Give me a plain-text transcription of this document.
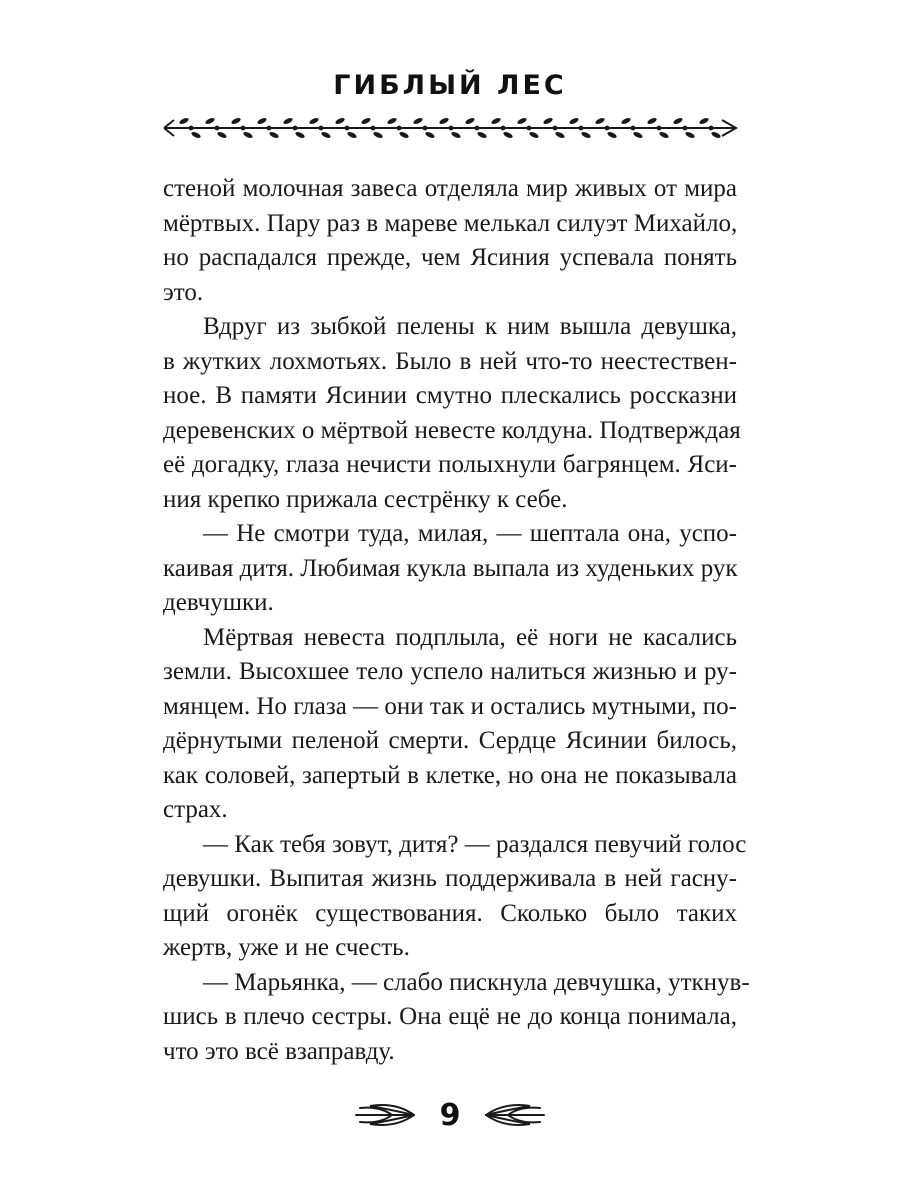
ГИБЛЫЙ ЛЕС

стеной молочная завеса отделяла мир живых от мира
мёртвых. Пару раз в мареве мелькал силуэт Михайло,
но распадался прежде, чем Ясиния успевала понять
это.

Вдруг из зыбкой пелены к ним вышла девушка,
в жутких лохмотьях. Было в ней что-то неестествен-
ное. В памяти Ясинии смутно плескались россказни
деревенских о мёртвой невесте колдуна. Подтверждая
её догадку, глаза нечисти полыхнули багрянцем. Яси-
ния крепко прижала сестрёнку к себе.

— Не смотри туда, милая, — шептала она, успо-
каивая дитя. Любимая кукла выпала из худеньких рук
девчушки.

Мёртвая невеста подплыла, её ноги не касались
земли. Высохшее тело успело налиться жизнью и ру-
мянцем. Но глаза — они так и остались мутными, по-
дёрнутыми пеленой смерти. Сердце Ясинии билось,
как соловей, запертый в клетке, но она не показывала
страх.

— Как тебя зовут, дитя? — раздался певучий голос
девушки. Выпитая жизнь поддерживала в ней гасну-
щий огонёк существования. Сколько было таких
жертв, уже и не счесть.

— Марьянка, — слабо пискнула девчушка, уткнув-
шись в плечо сестры. Она ещё не до конца понимала,
что это всё взаправду.

9
